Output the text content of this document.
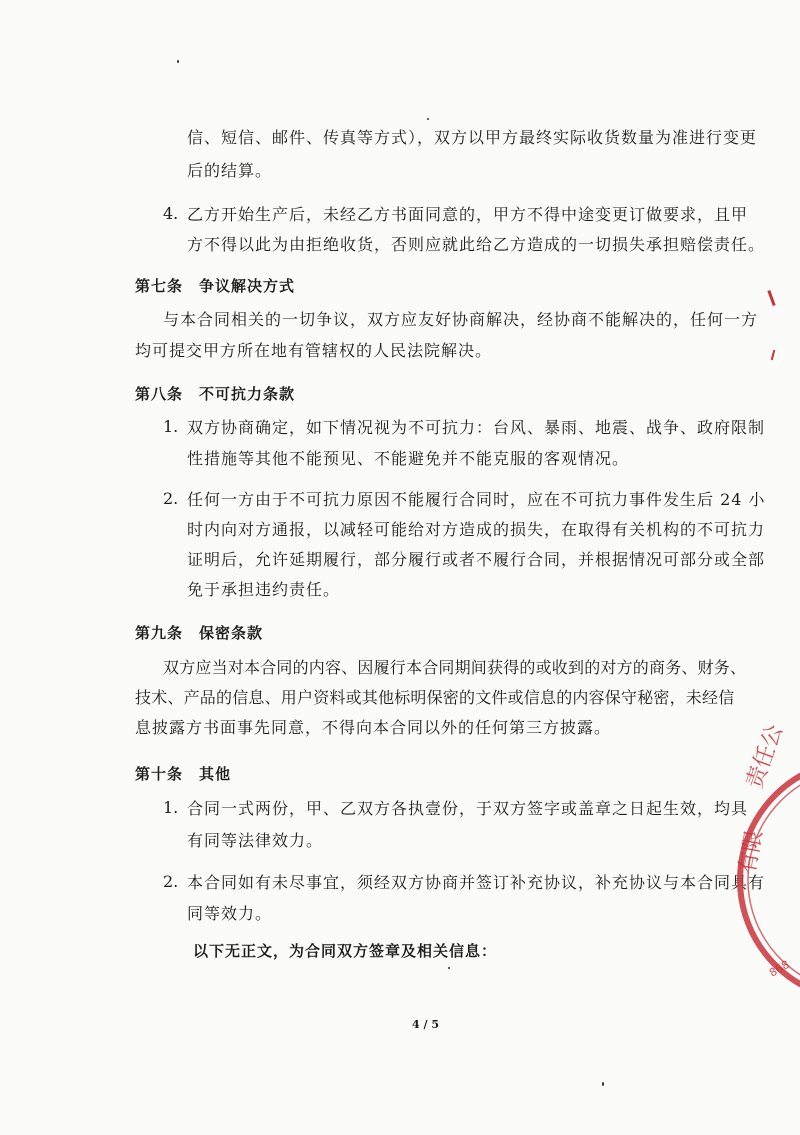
信、短信、邮件、传真等方式），双方以甲方最终实际收货数量为准进行变更
后的结算。
4. 乙方开始生产后，未经乙方书面同意的，甲方不得中途变更订做要求，且甲
方不得以此为由拒绝收货，否则应就此给乙方造成的一切损失承担赔偿责任。
第七条　争议解决方式
与本合同相关的一切争议，双方应友好协商解决，经协商不能解决的，任何一方
均可提交甲方所在地有管辖权的人民法院解决。
第八条　不可抗力条款
1. 双方协商确定，如下情况视为不可抗力：台风、暴雨、地震、战争、政府限制
性措施等其他不能预见、不能避免并不能克服的客观情况。
2. 任何一方由于不可抗力原因不能履行合同时，应在不可抗力事件发生后 24 小
时内向对方通报，以减轻可能给对方造成的损失，在取得有关机构的不可抗力
证明后，允许延期履行，部分履行或者不履行合同，并根据情况可部分或全部
免于承担违约责任。
第九条　保密条款
双方应当对本合同的内容、因履行本合同期间获得的或收到的对方的商务、财务、
技术、产品的信息、用户资料或其他标明保密的文件或信息的内容保守秘密，未经信
息披露方书面事先同意，不得向本合同以外的任何第三方披露。
第十条　其他
1. 合同一式两份，甲、乙双方各执壹份，于双方签字或盖章之日起生效，均具
有同等法律效力。
2. 本合同如有未尽事宜，须经双方协商并签订补充协议，补充协议与本合同具有
同等效力。
以下无正文，为合同双方签章及相关信息：
4 / 5
责任公
有限
868
